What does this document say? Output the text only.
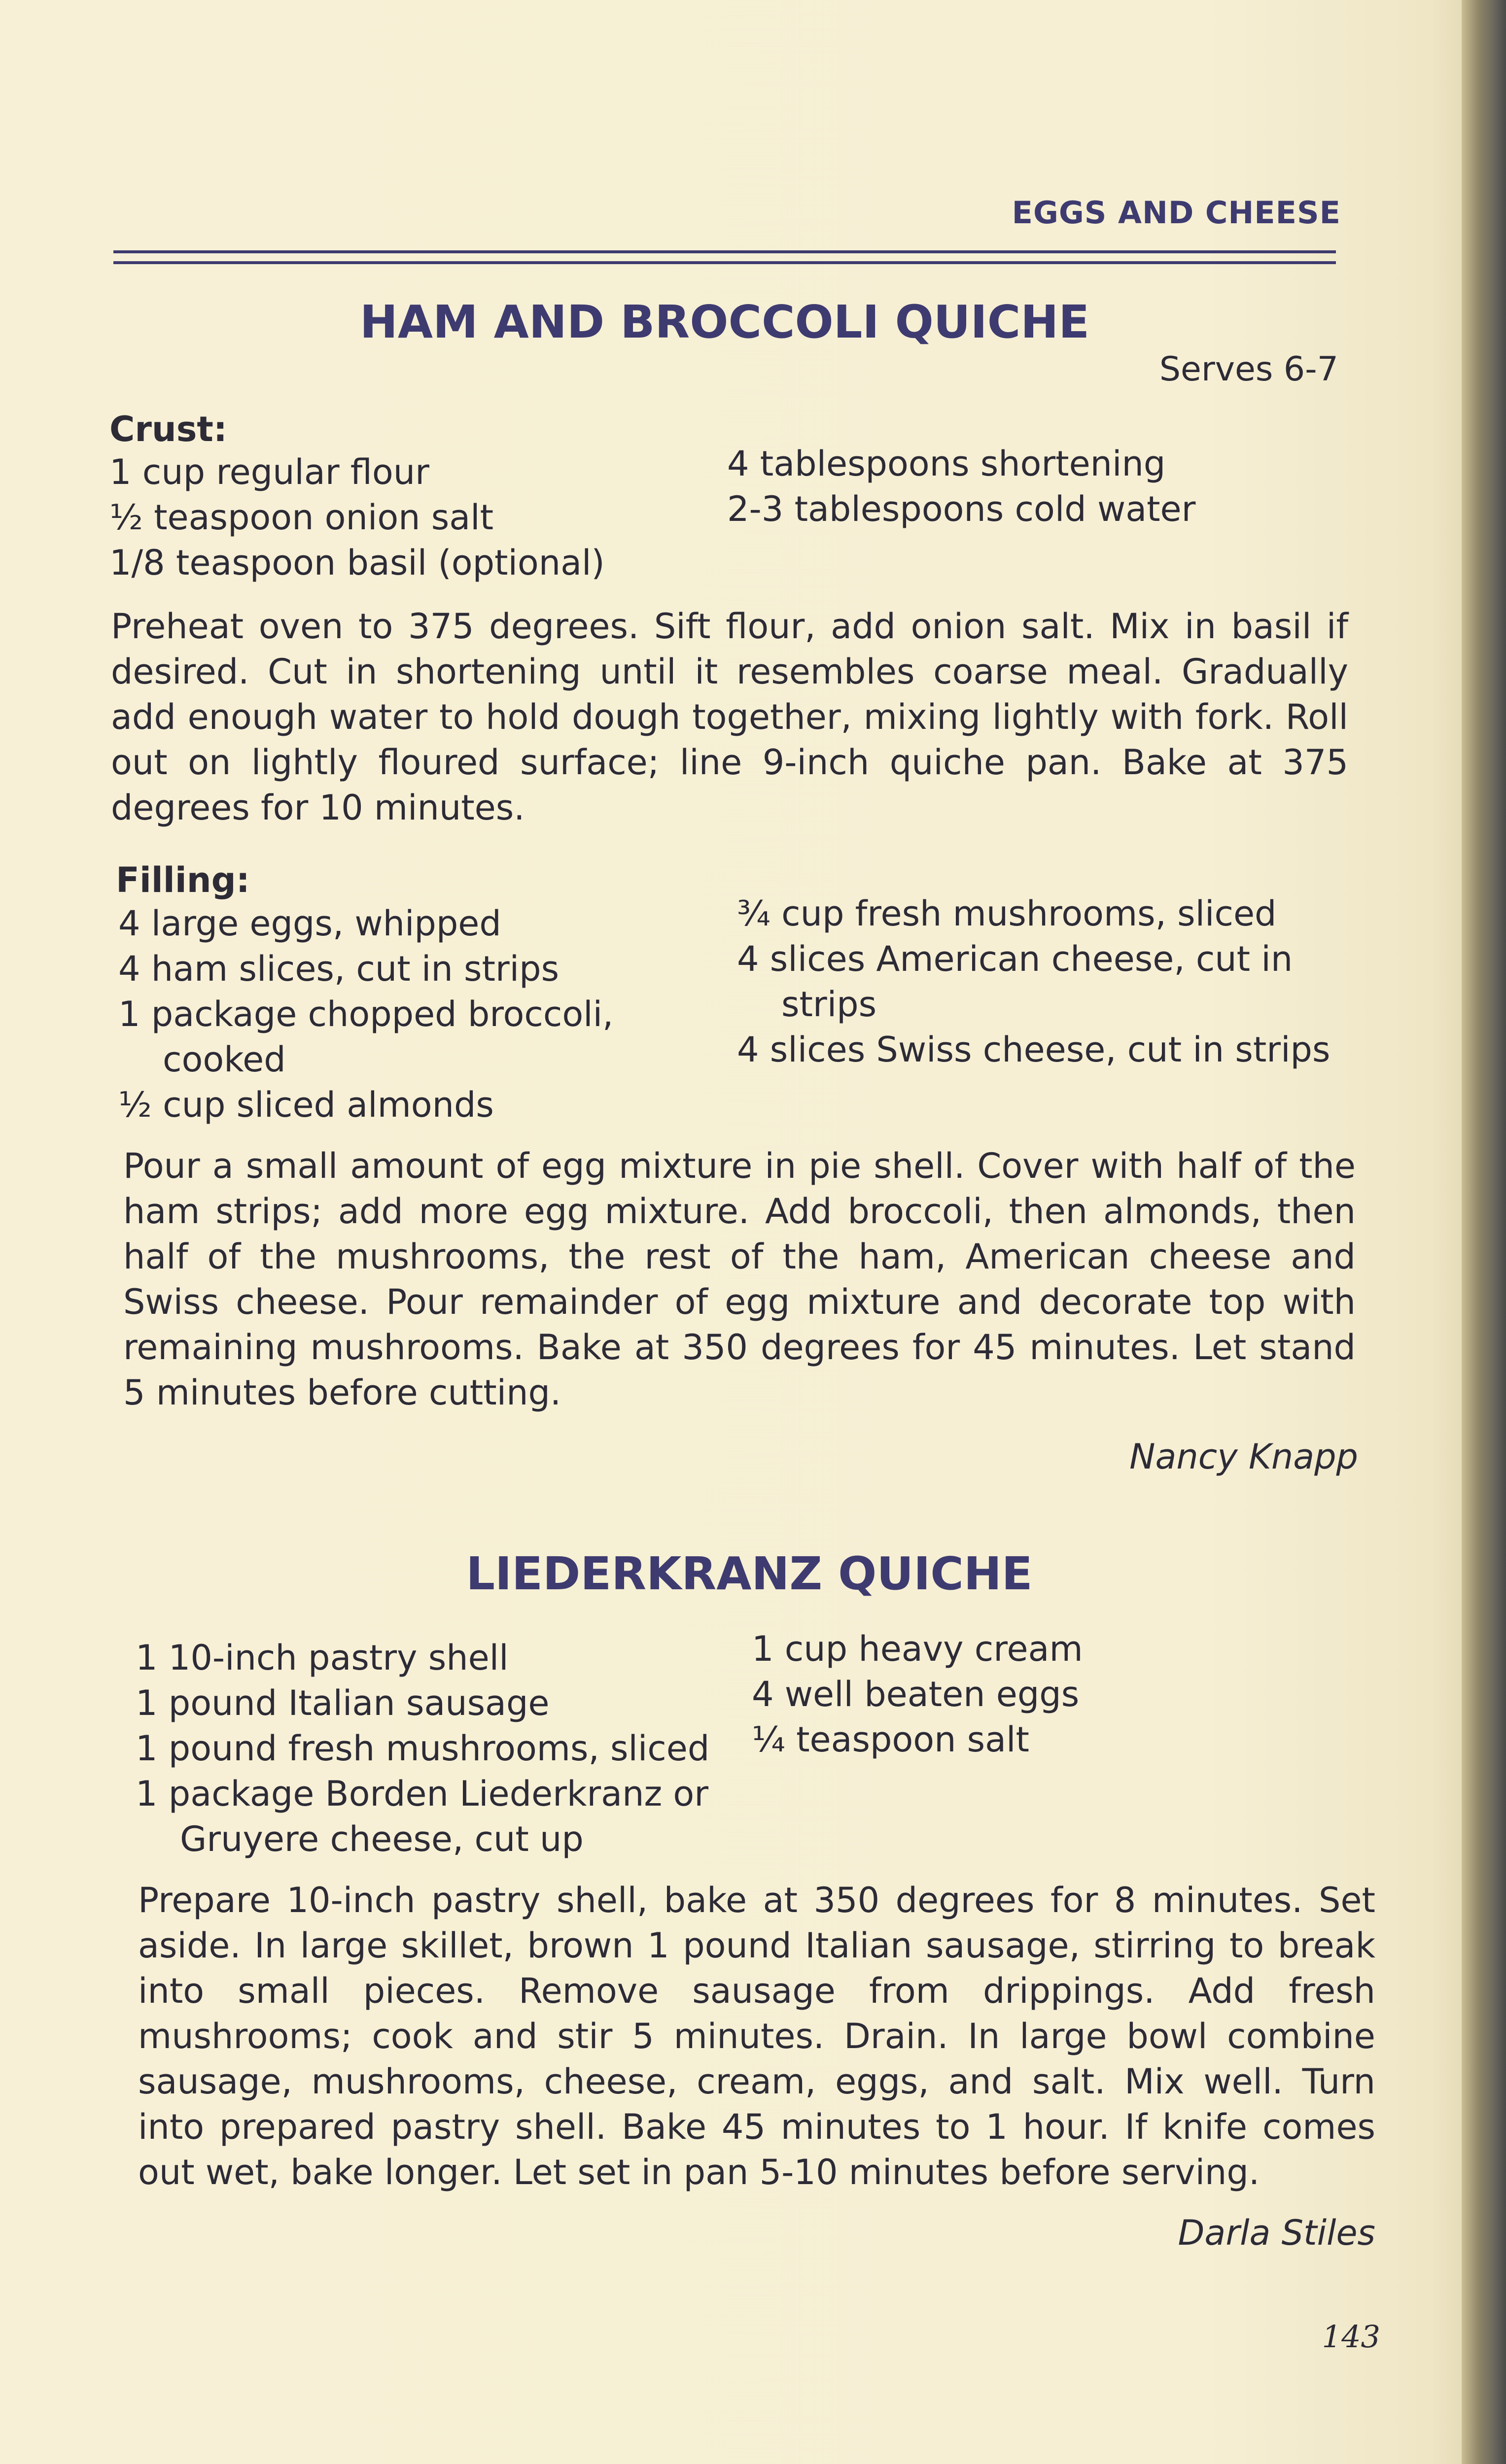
EGGS AND CHEESE
HAM AND BROCCOLI QUICHE
Serves 6-7
Crust:
1 cup regular flour
½ teaspoon onion salt
1/8 teaspoon basil (optional)
4 tablespoons shortening
2-3 tablespoons cold water
Preheat oven to 375 degrees. Sift flour, add onion salt. Mix in basil if desired. Cut in shortening until it resembles coarse meal. Gradually add enough water to hold dough together, mixing lightly with fork. Roll out on lightly floured surface; line 9-inch quiche pan. Bake at 375 degrees for 10 minutes.
Filling:
4 large eggs, whipped
4 ham slices, cut in strips
1 package chopped broccoli,
cooked
½ cup sliced almonds
¾ cup fresh mushrooms, sliced
4 slices American cheese, cut in
strips
4 slices Swiss cheese, cut in strips
Pour a small amount of egg mixture in pie shell. Cover with half of the ham strips; add more egg mixture. Add broccoli, then almonds, then half of the mushrooms, the rest of the ham, American cheese and Swiss cheese. Pour remainder of egg mixture and decorate top with remaining mushrooms. Bake at 350 degrees for 45 minutes. Let stand 5 minutes before cutting.
Nancy Knapp
LIEDERKRANZ QUICHE
1 10-inch pastry shell
1 pound Italian sausage
1 pound fresh mushrooms, sliced
1 package Borden Liederkranz or
Gruyere cheese, cut up
1 cup heavy cream
4 well beaten eggs
¼ teaspoon salt
Prepare 10-inch pastry shell, bake at 350 degrees for 8 minutes. Set aside. In large skillet, brown 1 pound Italian sausage, stirring to break into small pieces. Remove sausage from drippings. Add fresh mushrooms; cook and stir 5 minutes. Drain. In large bowl combine sausage, mushrooms, cheese, cream, eggs, and salt. Mix well. Turn into prepared pastry shell. Bake 45 minutes to 1 hour. If knife comes out wet, bake longer. Let set in pan 5-10 minutes before serving.
Darla Stiles
143
